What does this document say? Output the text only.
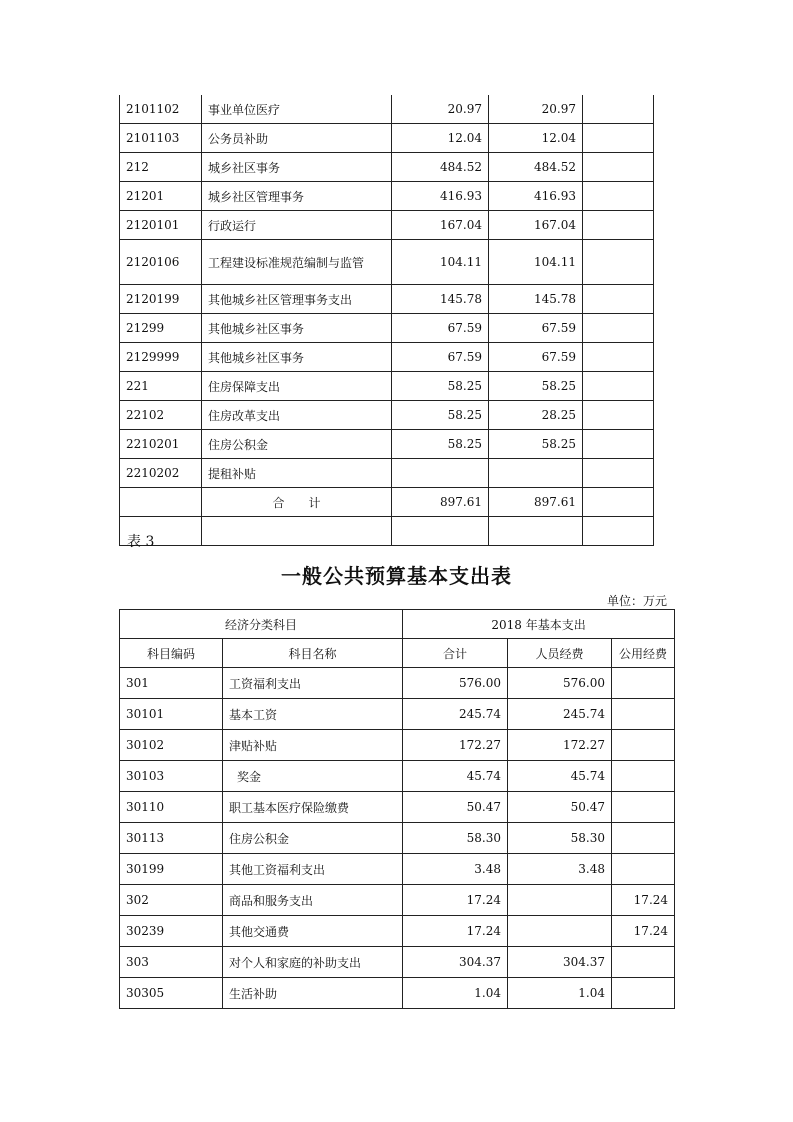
2101102	事业单位医疗	20.97	20.97	
2101103	公务员补助	12.04	12.04	
212	城乡社区事务	484.52	484.52	
21201	城乡社区管理事务	416.93	416.93	
2120101	行政运行	167.04	167.04	
2120106	工程建设标准规范编制与监管	104.11	104.11	
2120199	其他城乡社区管理事务支出	145.78	145.78	
21299	其他城乡社区事务	67.59	67.59	
2129999	其他城乡社区事务	67.59	67.59	
221	住房保障支出	58.25	58.25	
22102	住房改革支出	58.25	28.25	
2210201	住房公积金	58.25	58.25	
2210202	提租补贴			
	合　　计	897.61	897.61	

表 3
一般公共预算基本支出表
单位：万元
经济分类科目		2018 年基本支出		
科目编码	科目名称	合计	人员经费	公用经费
301	工资福利支出	576.00	576.00	
30101	基本工资	245.74	245.74	
30102	津贴补贴	172.27	172.27	
30103	奖金	45.74	45.74	
30110	职工基本医疗保险缴费	50.47	50.47	
30113	住房公积金	58.30	58.30	
30199	其他工资福利支出	3.48	3.48	
302	商品和服务支出	17.24		17.24
30239	其他交通费	17.24		17.24
303	对个人和家庭的补助支出	304.37	304.37	
30305	生活补助	1.04	1.04	
